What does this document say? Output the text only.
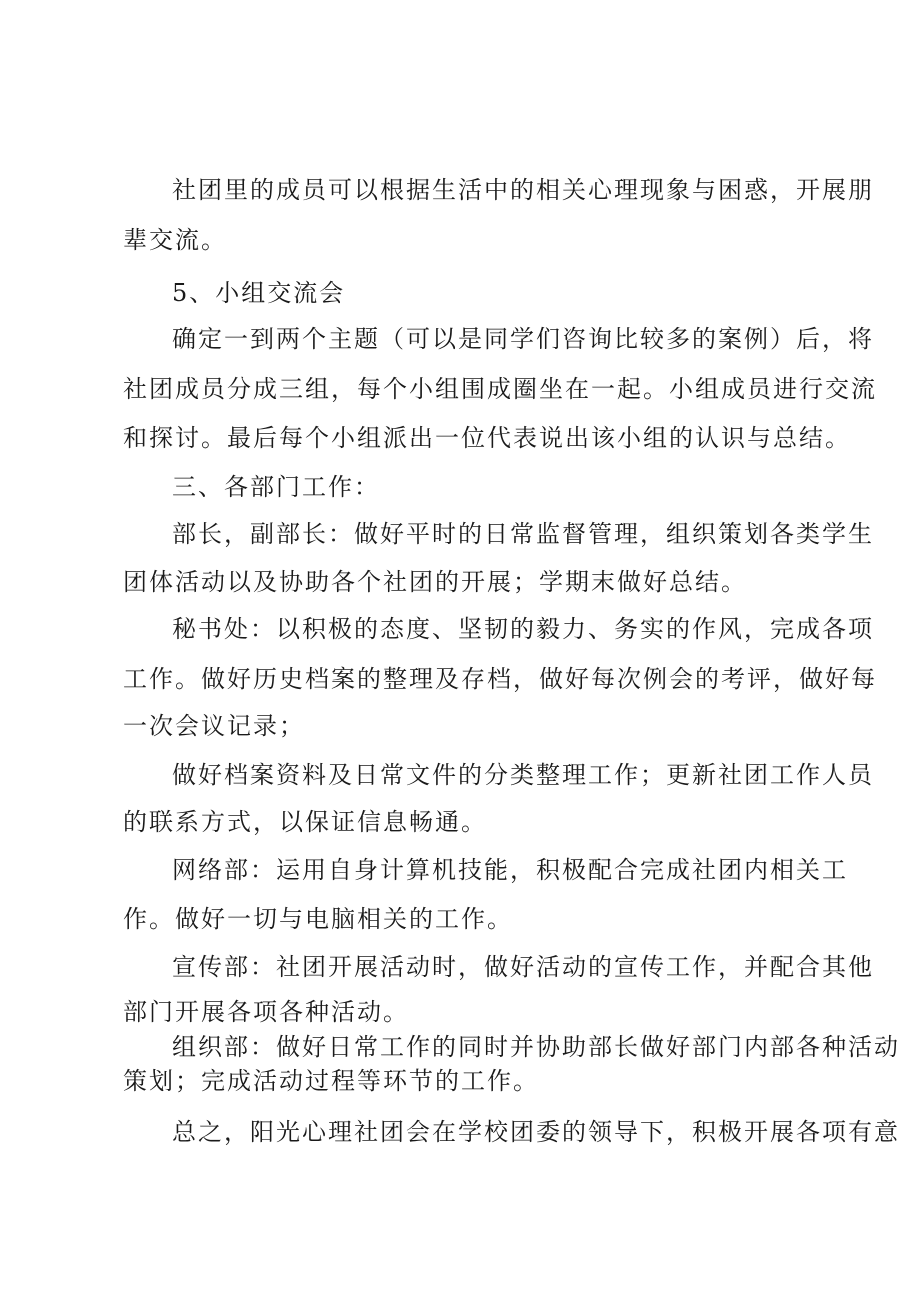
社团里的成员可以根据生活中的相关心理现象与困惑，开展朋
辈交流。
5、小组交流会
确定一到两个主题（可以是同学们咨询比较多的案例）后，将
社团成员分成三组，每个小组围成圈坐在一起。小组成员进行交流
和探讨。最后每个小组派出一位代表说出该小组的认识与总结。
三、各部门工作：
部长，副部长：做好平时的日常监督管理，组织策划各类学生
团体活动以及协助各个社团的开展；学期末做好总结。
秘书处：以积极的态度、坚韧的毅力、务实的作风，完成各项
工作。做好历史档案的整理及存档，做好每次例会的考评，做好每
一次会议记录；
做好档案资料及日常文件的分类整理工作；更新社团工作人员
的联系方式，以保证信息畅通。
网络部：运用自身计算机技能，积极配合完成社团内相关工
作。做好一切与电脑相关的工作。
宣传部：社团开展活动时，做好活动的宣传工作，并配合其他
部门开展各项各种活动。
组织部：做好日常工作的同时并协助部长做好部门内部各种活动
策划；完成活动过程等环节的工作。
总之，阳光心理社团会在学校团委的领导下，积极开展各项有意
